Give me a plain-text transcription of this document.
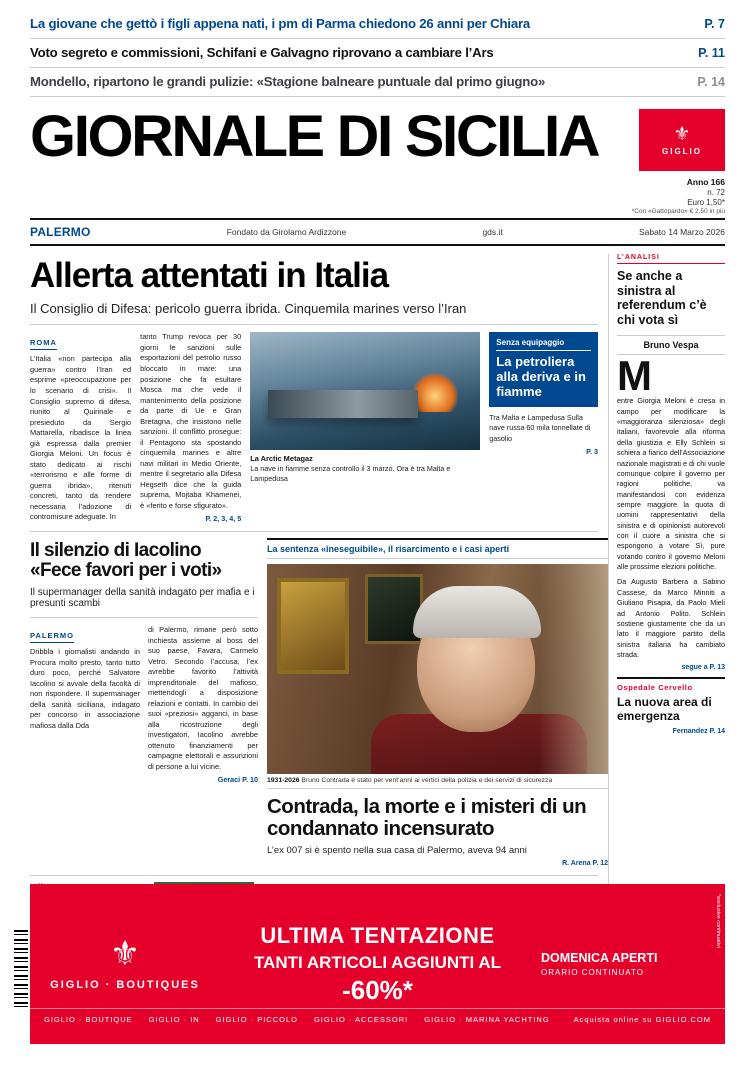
La giovane che gettò i figli appena nati, i pm di Parma chiedono 26 anni per Chiara	P. 7
Voto segreto e commissioni, Schifani e Galvagno riprovano a cambiare l’Ars	P. 11
Mondello, ripartono le grandi pulizie: «Stagione balneare puntuale dal primo giugno»	P. 14
GIORNALE DI SICILIA	⚜
GIGLIO
Anno 166
n. 72
Euro 1,50*
*Con «Gattopardo» € 2,50 in più
PALERMO	Fondato da Girolamo Ardizzone	gds.it	Sabato 14 Marzo 2026
Allerta attentati in Italia
Il Consiglio di Difesa: pericolo guerra ibrida. Cinquemila marines verso l’Iran
ROMA
L’Italia «non partecipa alla guerra» contro l’Iran ed esprime «preoccupazione per lo scenario di crisi». Il Consiglio supremo di difesa, riunito al Quirinale e presieduto da Sergio Mattarella, ribadisce la linea già espressa dalla premier Giorgia Meloni. Un focus è stato dedicato ai rischi «terrorismo e alle forme di guerra ibrida», ritenuti concreti, tanto da rendere necessaria l’adozione di contromisure adeguate. In
tanto Trump revoca per 30 giorni le sanzioni sulle esportazioni del petrolio russo bloccato in mare: una posizione che fa esultare Mosca ma che vede il mantenimento della posizione da parte di Ue e Gran Bretagna, che insistono nelle sanzioni. Il conflitto prosegue: il Pentagono sta spostando cinquemila marines e altre navi militari in Medio Oriente, mentre il segretario alla Difesa Hegseth dice che la guida suprema, Mojtaba Khamenei, è «ferito e forse sfigurato».
P. 2, 3, 4, 5
La Arctic Metagaz
La nave in fiamme senza controllo il 3 marzo. Ora è tra Malta e Lampedusa
Senza equipaggio
La petroliera alla deriva e in fiamme
Tra Malta e Lampedusa Sulla nave russa 60 mila tonnellate di gasolio
P. 3
Il silenzio di Iacolino
«Fece favori per i voti»
Il supermanager della sanità indagato per mafia e i presunti scambi
PALERMO
Dribbla i giornalisti andando in Procura molto presto, tanto tutto duro poco, perché Salvatore Iacolino si avvale della facoltà di non rispondere. Il supermanager della sanità siciliana, indagato per concorso in associazione mafiosa dalla Dda
di Palermo, rimane però sotto inchiesta assieme al boss del suo paese, Favara, Carmelo Vetro. Secondo l’accusa, l’ex avrebbe favorito l’attività imprenditoriale del mafioso, mettendogli a disposizione relazioni e contatti. In cambio dei suoi «preziosi» agganci, in base alla ricostruzione degli investigatori, Iacolino avrebbe ottenuto finanziamenti per campagne elettorali e assunzioni di persone a lui vicine.
Geraci P. 10
La sentenza «ineseguibile», il risarcimento e i casi aperti
1931-2026 Bruno Contrada è stato per vent’anni ai vertici della polizia e dei servizi di sicurezza
Contrada, la morte e i misteri di un condannato incensurato
L’ex 007 si è spento nella sua casa di Palermo, aveva 94 anni
R. Arena P. 12
L’ANALISI
Se anche a sinistra al referendum c’è chi vota sì
Bruno Vespa
M
entre Giorgia Meloni è cresa in campo per modificare la «maggioranza silenziosa» degli italiani, favorevole alla riforma della giustizia e Elly Schlein si schiera a fianco dell’Associazione nazionale magistrati e di chi vuole comunque colpire il governo per ragioni politiche, va manifestandosi con evidenza sempre maggiore la quota di uomini rappresentativi della sinistra e di opinionisti autorevoli con il cuore a sinistra che si espongono a votare Sì, pure votando contro il governo Meloni alle prossime elezioni politiche.
Da Augusto Barbera a Sabino Cassese, da Marco Minniti a Giuliano Pisapia, da Paolo Mieli ad Antonio Polito. Schlein sostiene giustamente che da un lato il maggiore partito della sinistra italiana ha cambiato strada.
segue a P. 13
Ospedale Cervello
La nuova area di emergenza
Fernandez P. 14
⚜
GIGLIO · BOUTIQUES
ULTIMA TENTAZIONE
TANTI ARTICOLI AGGIUNTI AL
-60%*
DOMENICA APERTI
ORARIO CONTINUATO
*esclusive continuativi
GIGLIO · BOUTIQUE GIGLIO · IN GIGLIO · PICCOLO GIGLIO · ACCESSORI GIGLIO · MARINA YACHTING	Acquista online su GIGLIO.COM
